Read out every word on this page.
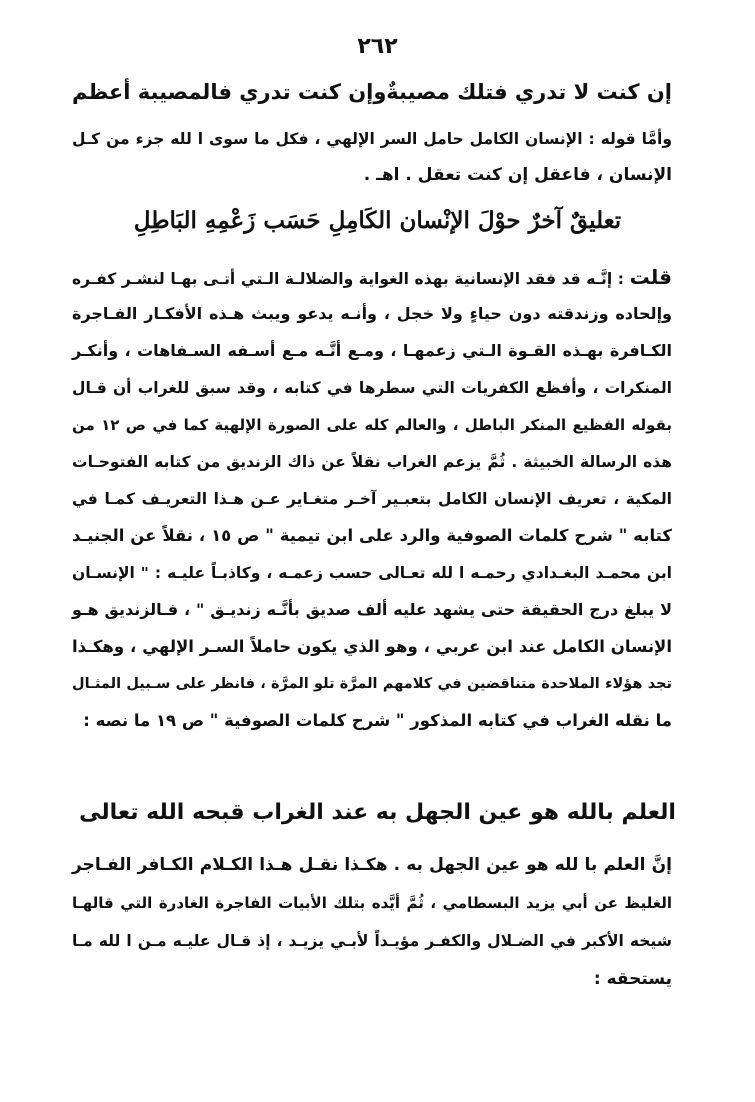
٢٦٢
إن كنت لا تدري فتلك مصيبةٌ
وإن كنت تدري فالمصيبة أعظم
وأمَّا قوله : الإنسان الكامل حامل السر الإلهي ، فكل ما سوى ا لله جزء من كـل
الإنسان ، فاعقل إن كنت تعقل . اهـ .
تعليقٌ آخرٌ حوْلَ الإنْسان الكَامِلِ حَسَب زَعْمِهِ البَاطِلِ
قلت : إنَّـه قد فقد الإنسانية بهذه الغواية والضلالـة الـتي أتـى بهـا لنشـر كفـره
وإلحاده وزندقته دون حياءٍ ولا خجل ، وأنـه يدعو ويبث هـذه الأفكـار الفـاجرة
الكـافرة بهـذه القـوة الـتي زعمهـا ، ومـع أنَّـه مـع أسـفه السـفاهات ، وأنكـر
المنكرات ، وأفظع الكفريات التي سطرها في كتابه ، وقد سبق للغراب أن قـال
بقوله الفظيع المنكر الباطل ، والعالم كله على الصورة الإلهية كما في ص ١٢ من
هذه الرسالة الخبيثة . ثُمَّ يزعم الغراب نقلاً عن ذاك الزنديق من كتابه الفتوحـات
المكية ، تعريف الإنسان الكامل بتعبـير آخـر متغـاير عـن هـذا التعريـف كمـا في
كتابه " شرح كلمات الصوفية والرد على ابن تيمية " ص ١٥ ، نقلاً عن الجنيـد
ابن محمـد البغـدادي رحمـه ا لله تعـالى حسب زعمـه ، وكاذبـاً عليـه : " الإنسـان
لا يبلغ درج الحقيقة حتى يشهد عليه ألف صديق بأنَّـه زنديـق " ، فـالزنديق هـو
الإنسان الكامل عند ابن عربي ، وهو الذي يكون حاملاً السـر الإلهي ، وهكـذا
تجد هؤلاء الملاحدة متناقضين في كلامهم المرَّة تلو المرَّة ، فانظر على سـبيل المثـال
ما نقله الغراب في كتابه المذكور " شرح كلمات الصوفية " ص ١٩ ما نصه :
العلم بالله هو عين الجهل به عند الغراب قبحه الله تعالى
إنَّ العلم با لله هو عين الجهل به . هكـذا نقـل هـذا الكـلام الكـافر الفـاجر
الغليظ عن أبي يزيد البسطامي ، ثُمَّ أيَّده بتلك الأبيات الفاجرة الغادرة التي قالهـا
شيخه الأكبر في الضـلال والكفـر مؤيـداً لأبـي يزيـد ، إذ قـال عليـه مـن ا لله مـا
يستحقه :
